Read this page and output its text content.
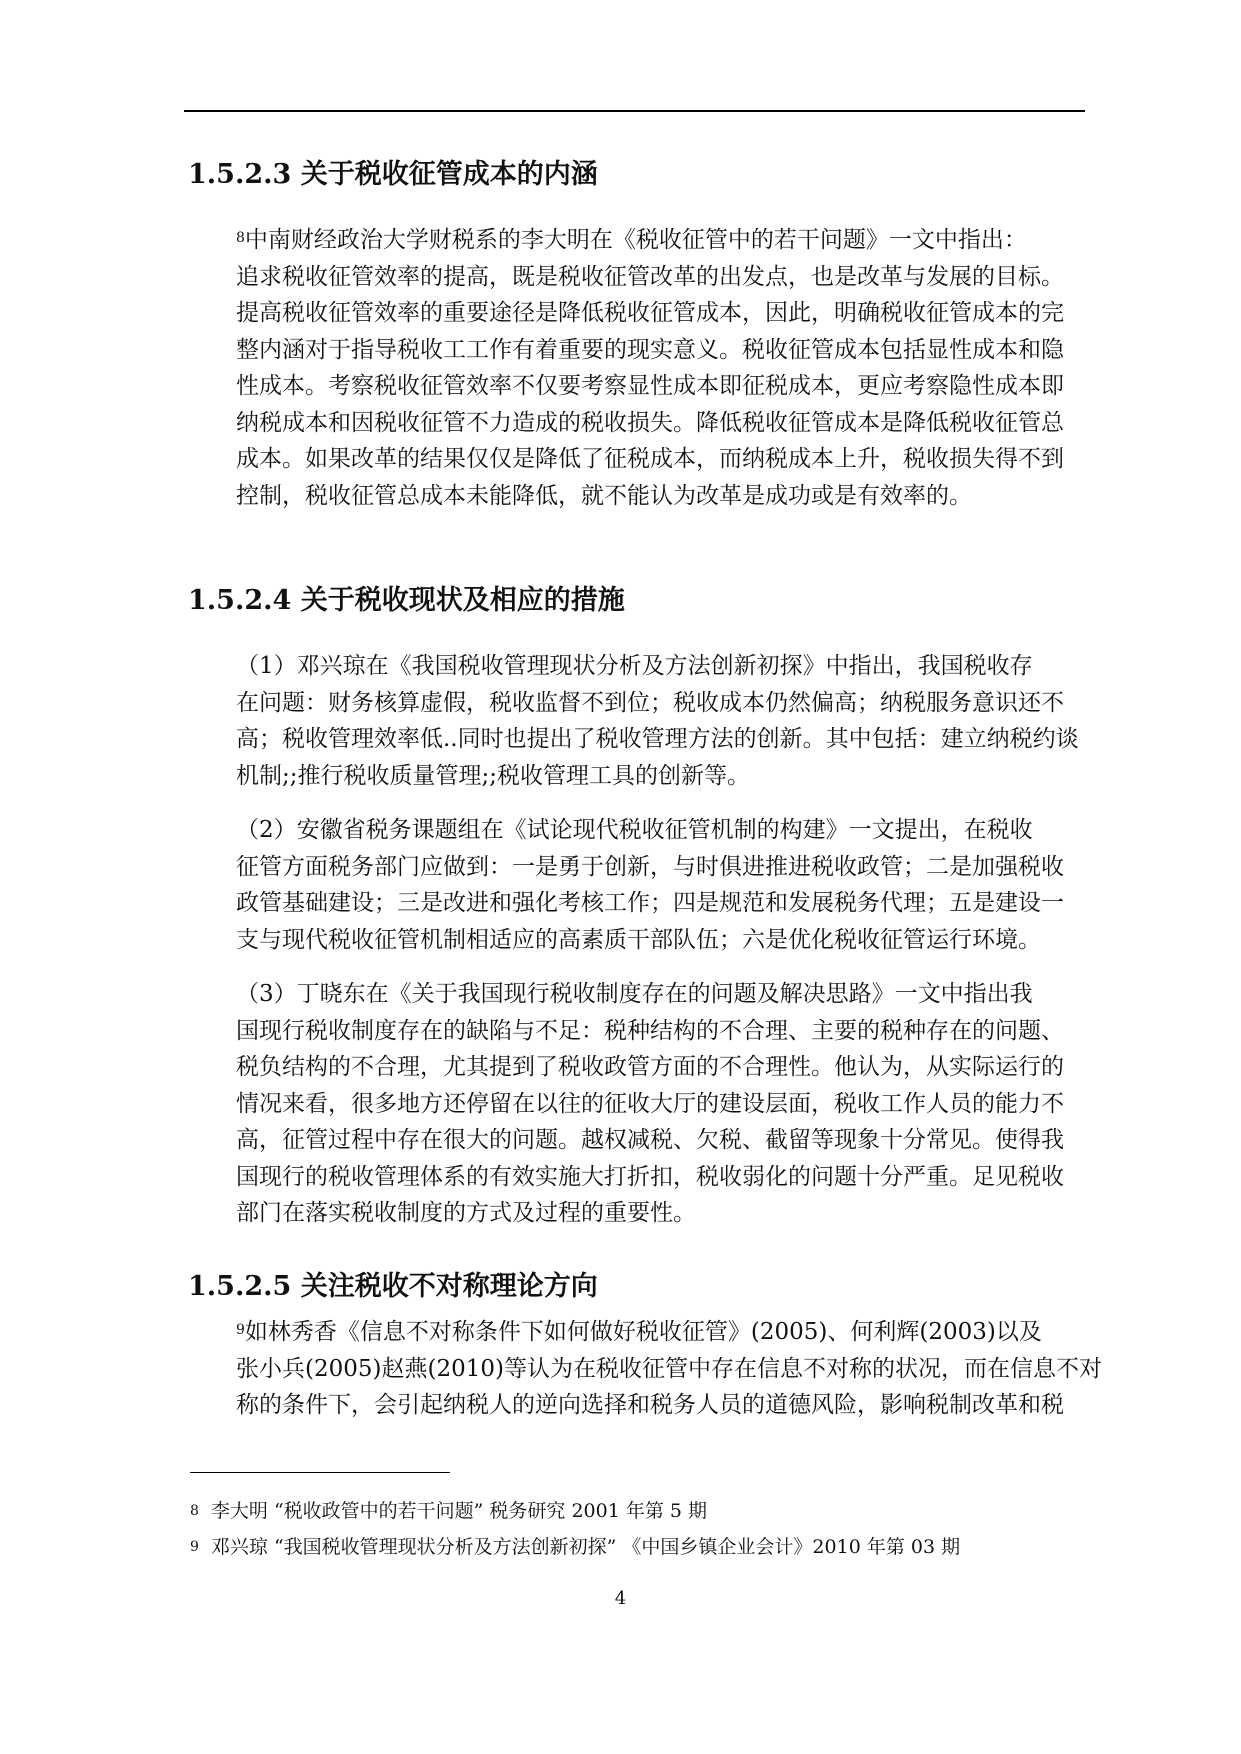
1.5.2.3 关于税收征管成本的内涵
$^8$中南财经政治大学财税系的李大明在《税收征管中的若干问题》一文中指出：
追求税收征管效率的提高，既是税收征管改革的出发点，也是改革与发展的目标。
提高税收征管效率的重要途径是降低税收征管成本，因此，明确税收征管成本的完
整内涵对于指导税收工工作有着重要的现实意义。税收征管成本包括显性成本和隐
性成本。考察税收征管效率不仅要考察显性成本即征税成本，更应考察隐性成本即
纳税成本和因税收征管不力造成的税收损失。降低税收征管成本是降低税收征管总
成本。如果改革的结果仅仅是降低了征税成本，而纳税成本上升，税收损失得不到
控制，税收征管总成本未能降低，就不能认为改革是成功或是有效率的。
1.5.2.4 关于税收现状及相应的措施
（1）邓兴琼在《我国税收管理现状分析及方法创新初探》中指出，我国税收存
在问题：财务核算虚假，税收监督不到位；税收成本仍然偏高；纳税服务意识还不
高；税收管理效率低..同时也提出了税收管理方法的创新。其中包括：建立纳税约谈
机制;;推行税收质量管理;;税收管理工具的创新等。
（2）安徽省税务课题组在《试论现代税收征管机制的构建》一文提出，在税收
征管方面税务部门应做到：一是勇于创新，与时俱进推进税收政管；二是加强税收
政管基础建设；三是改进和强化考核工作；四是规范和发展税务代理；五是建设一
支与现代税收征管机制相适应的高素质干部队伍；六是优化税收征管运行环境。
（3）丁晓东在《关于我国现行税收制度存在的问题及解决思路》一文中指出我
国现行税收制度存在的缺陷与不足：税种结构的不合理、主要的税种存在的问题、
税负结构的不合理，尤其提到了税收政管方面的不合理性。他认为，从实际运行的
情况来看，很多地方还停留在以往的征收大厅的建设层面，税收工作人员的能力不
高，征管过程中存在很大的问题。越权减税、欠税、截留等现象十分常见。使得我
国现行的税收管理体系的有效实施大打折扣，税收弱化的问题十分严重。足见税收
部门在落实税收制度的方式及过程的重要性。
1.5.2.5 关注税收不对称理论方向
$^9$如林秀香《信息不对称条件下如何做好税收征管》(2005)、何利辉(2003)以及
张小兵(2005)赵燕(2010)等认为在税收征管中存在信息不对称的状况，而在信息不对
称的条件下，会引起纳税人的逆向选择和税务人员的道德风险，影响税制改革和税
$^8$ 李大明 “税收政管中的若干问题” 税务研究 2001 年第 5 期
$^9$ 邓兴琼 “我国税收管理现状分析及方法创新初探” 《中国乡镇企业会计》2010 年第 03 期
4
